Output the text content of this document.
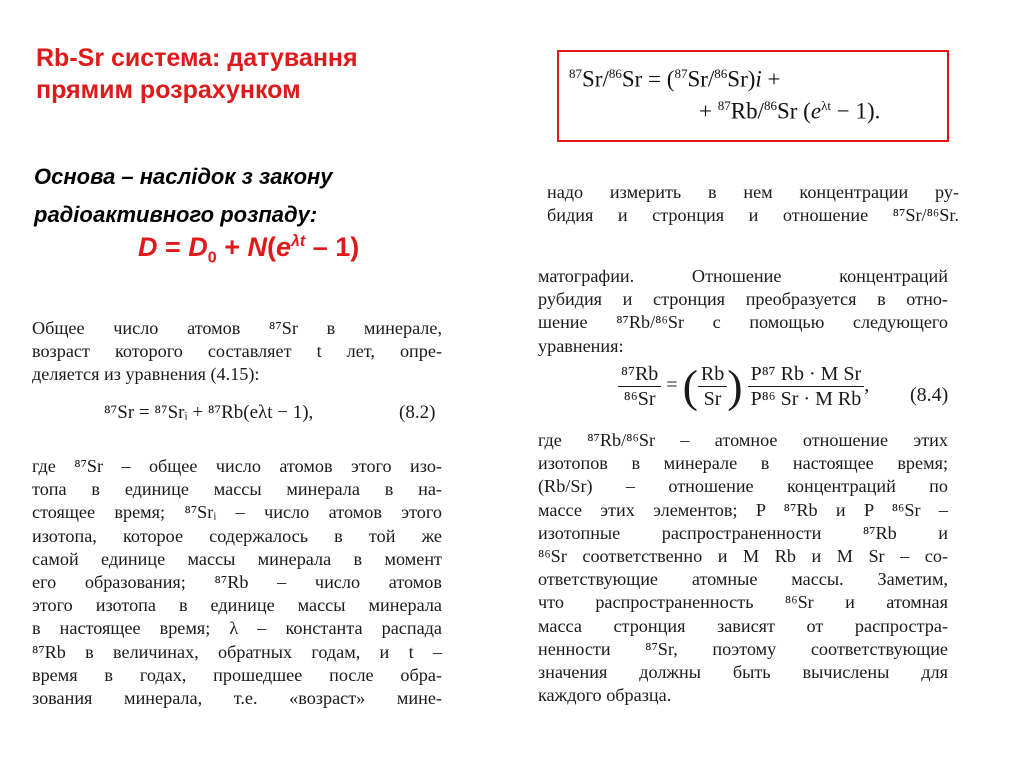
Rb-Sr система: датування
прямим розрахунком
Основа – наслідок з закону
радіоактивного розпаду:
$D = D_0 + N(e^{\lambda t} - 1)$
$^{87}$Sr/$^{86}$Sr = ($^{87}$Sr/$^{86}$Sr)i +
+ $^{87}$Rb/$^{86}$Sr $(e^{\lambda t} - 1)$.
Общее число атомов ⁸⁷Sr в минерале,
возраст которого составляет t лет, опре-
деляется из уравнения (4.15):
⁸⁷Sr = ⁸⁷Srᵢ + ⁸⁷Rb(eλt − 1),	(8.2)
где ⁸⁷Sr – общее число атомов этого изо-
топа в единице массы минерала в на-
стоящее время; ⁸⁷Srᵢ – число атомов этого
изотопа, которое содержалось в той же
самой единице массы минерала в момент
его образования; ⁸⁷Rb – число атомов
этого изотопа в единице массы минерала
в настоящее время; λ – константа распада
⁸⁷Rb в величинах, обратных годам, и t –
время в годах, прошедшее после обра-
зования минерала, т.е. «возраст» мине-
надо измерить в нем концентрации ру-
бидия и стронция и отношение ⁸⁷Sr/⁸⁶Sr.
матографии. Отношение концентраций
рубидия и стронция преобразуется в отно-
шение ⁸⁷Rb/⁸⁶Sr с помощью следующего
уравнения:
$\frac{\text{⁸⁷Rb}}{\text{⁸⁶Sr}}$ = ( $\frac{Rb}{Sr}$ ) $\frac{\text{P⁸⁷ Rb · M Sr}}{\text{P⁸⁶ Sr · M Rb}}$ , (8.4)
где ⁸⁷Rb/⁸⁶Sr – атомное отношение этих
изотопов в минерале в настоящее время;
(Rb/Sr) – отношение концентраций по
массе этих элементов; P ⁸⁷Rb и P ⁸⁶Sr –
изотопные распространенности ⁸⁷Rb и
⁸⁶Sr соответственно и M Rb и M Sr – со-
ответствующие атомные массы. Заметим,
что распространенность ⁸⁶Sr и атомная
масса стронция зависят от распростра-
ненности ⁸⁷Sr, поэтому соответствующие
значения должны быть вычислены для
каждого образца.
